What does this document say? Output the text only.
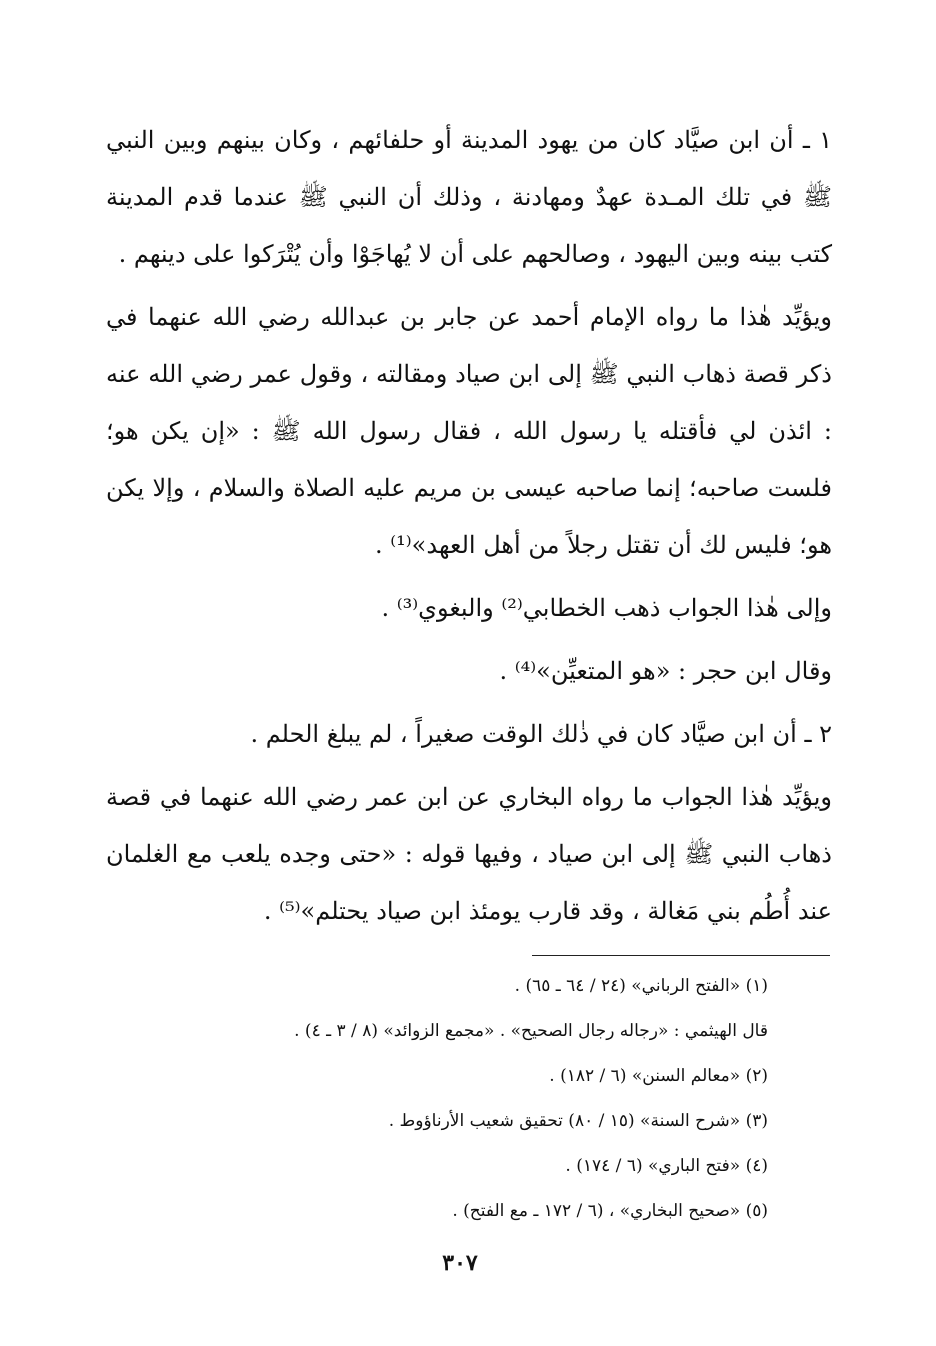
١ ـ أن ابن صيَّاد كان من يهود المدينة أو حلفائهم ، وكان بينهم وبين النبي ﷺ في تلك المـدة عهدٌ ومهادنة ، وذلك أن النبي ﷺ عندما قدم المدينة كتب بينه وبين اليهود ، وصالحهم على أن لا يُهاجَوْا وأن يُتْرَكوا على دينهم .

ويؤيِّد هٰذا ما رواه الإمام أحمد عن جابر بن عبدالله رضي الله عنهما في ذكر قصة ذهاب النبي ﷺ إلى ابن صياد ومقالته ، وقول عمر رضي الله عنه : ائذن لي فأقتله يا رسول الله ، فقال رسول الله ﷺ : «إن يكن هو؛ فلست صاحبه؛ إنما صاحبه عيسى بن مريم عليه الصلاة والسلام ، وإلا يكن هو؛ فليس لك أن تقتل رجلاً من أهل العهد»⁽¹⁾ .

وإلى هٰذا الجواب ذهب الخطابي⁽²⁾ والبغوي⁽³⁾ .

وقال ابن حجر : «هو المتعيِّن»⁽⁴⁾ .

٢ ـ أن ابن صيَّاد كان في ذٰلك الوقت صغيراً ، لم يبلغ الحلم .

ويؤيِّد هٰذا الجواب ما رواه البخاري عن ابن عمر رضي الله عنهما في قصة ذهاب النبي ﷺ إلى ابن صياد ، وفيها قوله : «حتى وجده يلعب مع الغلمان عند أُطُم بني مَغالة ، وقد قارب يومئذ ابن صياد يحتلم»⁽⁵⁾ .

(١) «الفتح الرباني» (٢٤ / ٦٤ ـ ٦٥) .

قال الهيثمي : «رجاله رجال الصحيح» . «مجمع الزوائد» (٨ / ٣ ـ ٤) .

(٢) «معالم السنن» (٦ / ١٨٢) .

(٣) «شرح السنة» (١٥ / ٨٠) تحقيق شعيب الأرناؤوط .

(٤) «فتح الباري» (٦ / ١٧٤) .

(٥) «صحيح البخاري» ، (٦ / ١٧٢ ـ مع الفتح) .

٣٠٧
